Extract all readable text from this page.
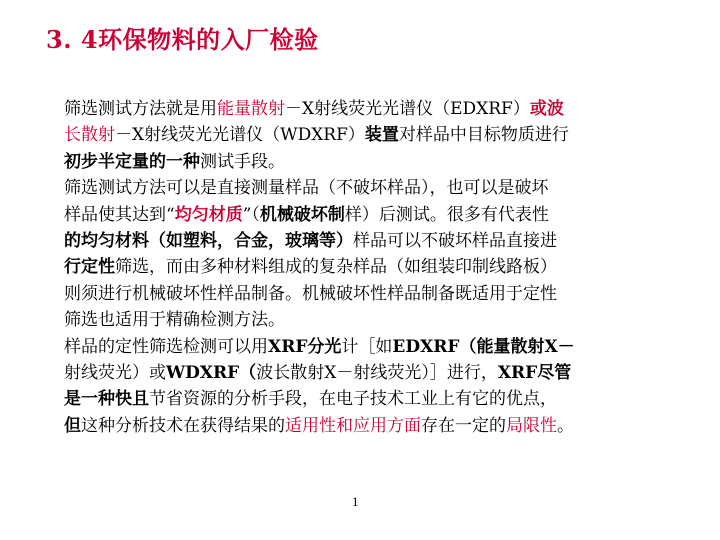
3. 4环保物料的入厂检验
筛选测试方法就是用能量散射－X射线荧光光谱仪（EDXRF）或波
长散射－X射线荧光光谱仪（WDXRF）装置对样品中目标物质进行
初步半定量的一种测试手段。
筛选测试方法可以是直接测量样品（不破坏样品），也可以是破坏
样品使其达到“均匀材质”（机械破坏制样）后测试。很多有代表性
的均匀材料（如塑料，合金，玻璃等）样品可以不破坏样品直接进
行定性筛选，而由多种材料组成的复杂样品（如组装印制线路板）
则须进行机械破坏性样品制备。机械破坏性样品制备既适用于定性
筛选也适用于精确检测方法。
样品的定性筛选检测可以用XRF分光计［如EDXRF（能量散射X－
射线荧光）或WDXRF（波长散射X－射线荧光）］进行，XRF尽管
是一种快且节省资源的分析手段，在电子技术工业上有它的优点，
但这种分析技术在获得结果的适用性和应用方面存在一定的局限性。
1
